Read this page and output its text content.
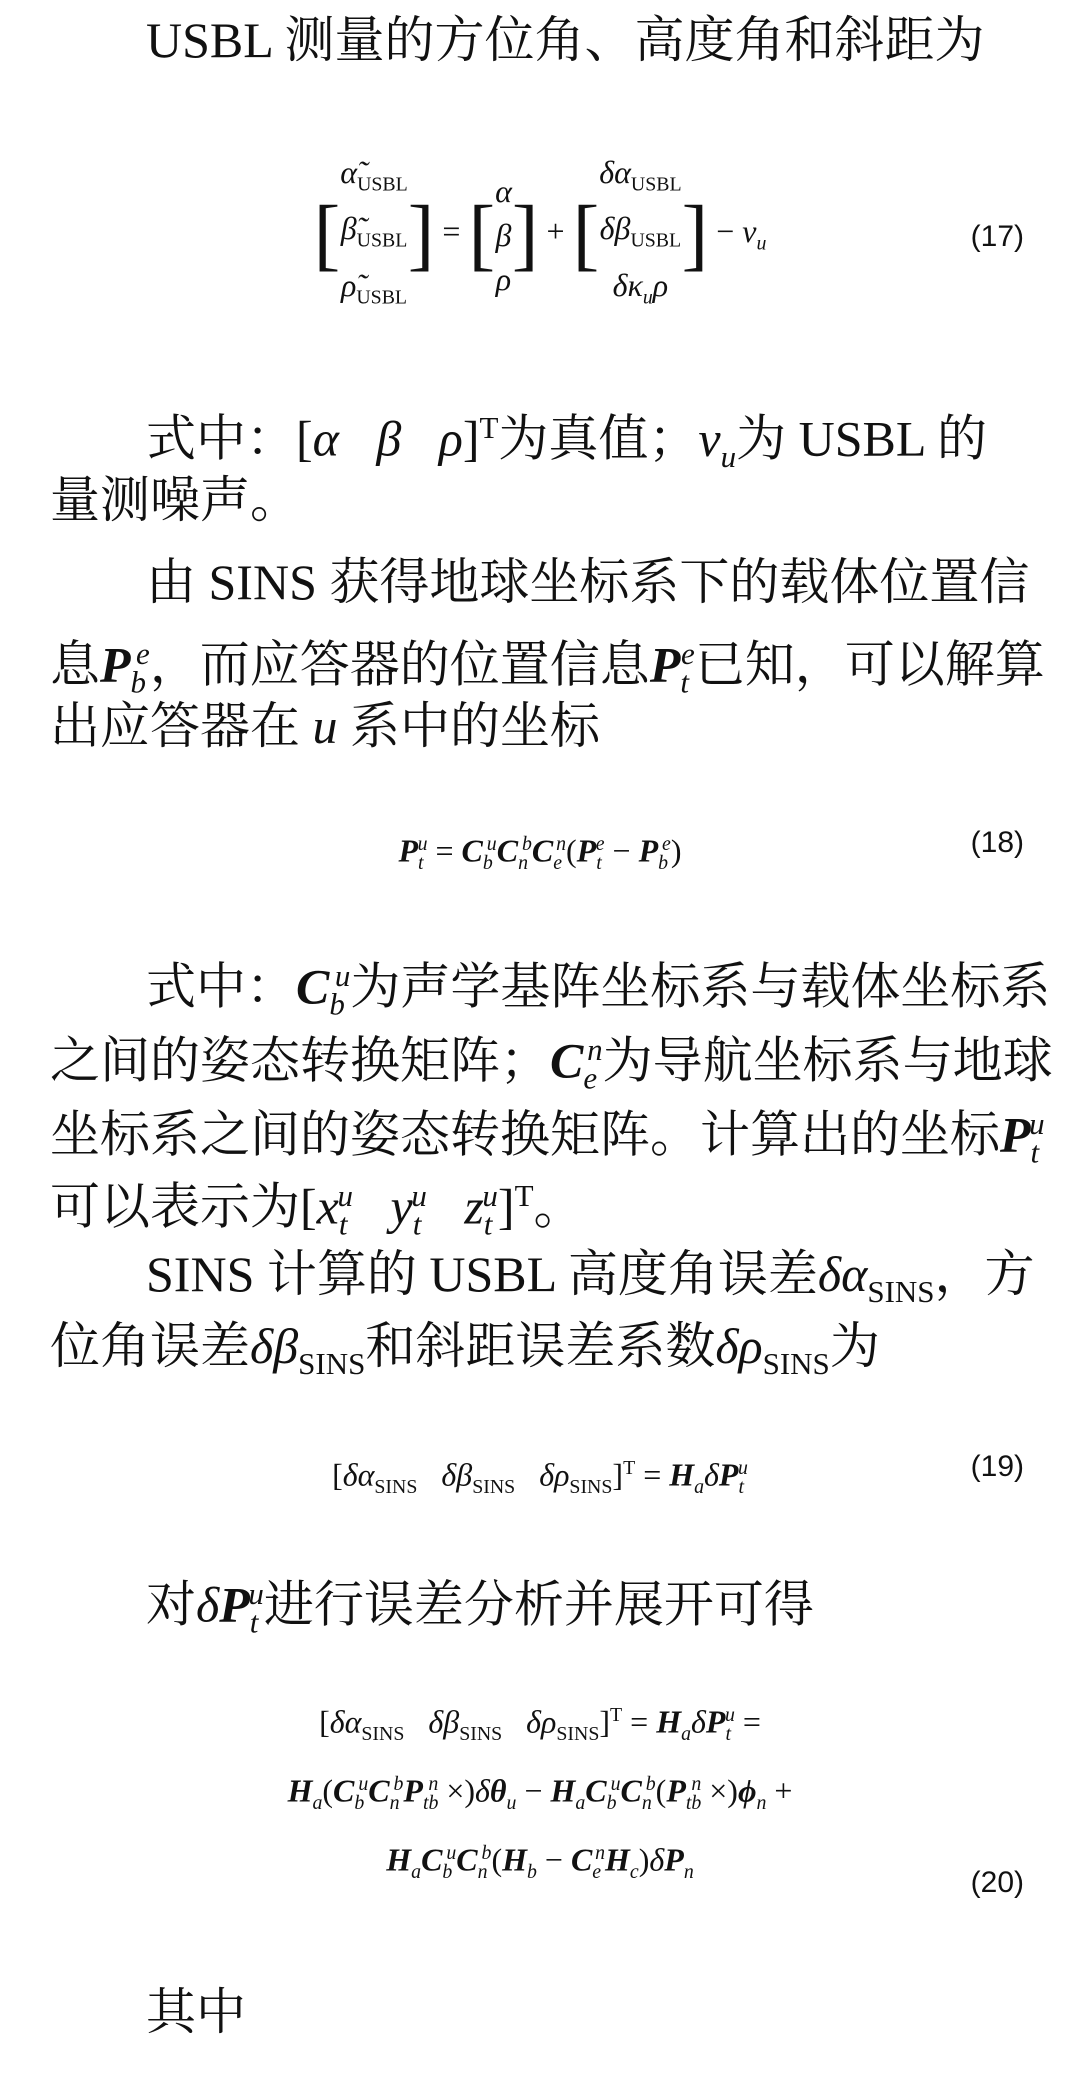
USBL 测量的方位角、高度角和斜距为
[$\alphã_{USBL}$
$\betã_{USBL}$
$\rhõ_{USBL}] = [\alpha$
β
$\rho] + [\delta\alpha_{USBL}$
$\delta\beta_{USBL}$
$\delta\kappa_u\rho] - v_u$	(17)
式中：[α β ρ]$^T$为真值；$v_u$为 USBL 的
量测噪声。
由 SINS 获得地球坐标系下的载体位置信
息$P_b^e$，而应答器的位置信息$P_t^e$已知，可以解算
出应答器在 u 系中的坐标
$P_t^u = C_b^uC_n^bC_e^n(P_t^e - P_b^e)$	(18)
式中：$C_b^u$为声学基阵坐标系与载体坐标系
之间的姿态转换矩阵；$C_e^n$为导航坐标系与地球
坐标系之间的姿态转换矩阵。计算出的坐标$P_t^u$
可以表示为[$x_t^u$ $y_t^u$ $z_t^u]^T$。
SINS 计算的 USBL 高度角误差$\delta\alpha_{SINS}$，方
位角误差$\delta\beta_{SINS}$和斜距误差系数$\delta\rho_{SINS}$为
[$\delta\alpha_{SINS}$ $\delta\beta_{SINS}$ $\delta\rho_{SINS}]^T = H_a\delta P_t^u$	(19)
对$\delta P_t^u$进行误差分析并展开可得
[$\delta\alpha_{SINS}$ $\delta\beta_{SINS}$ $\delta\rho_{SINS}]^T = H_a\delta P_t^u$ =
$H_a(C_b^uC_n^bP_{tb}^n \times)\delta\theta_u - H_aC_b^uC_n^b(P_{tb}^n \times)\phi_n$ +
$H_aC_b^uC_n^b(H_b - C_e^nH_c)\delta P_n$	(20)
其中
